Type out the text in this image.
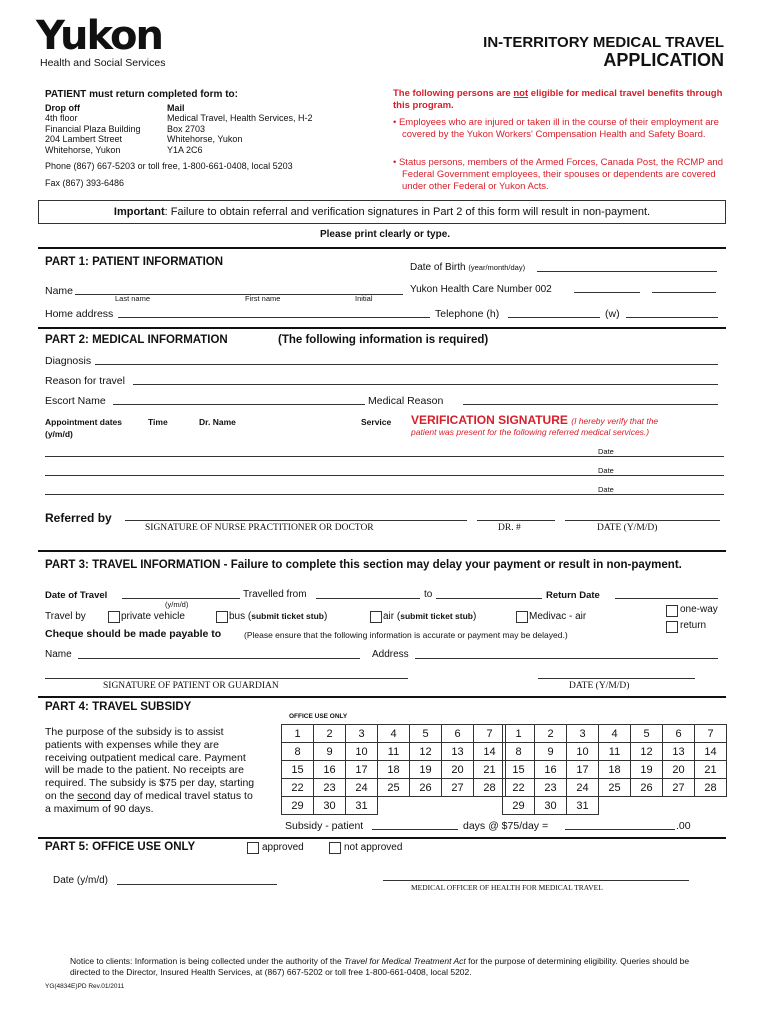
Yukon
Health and Social Services
IN-TERRITORY MEDICAL TRAVEL
APPLICATION
PATIENT must return completed form to:
Drop off
4th floor
Financial Plaza Building
204 Lambert Street
Whitehorse, Yukon
Mail
Medical Travel, Health Services, H-2
Box 2703
Whitehorse, Yukon
Y1A 2C6
Phone (867) 667-5203 or toll free, 1-800-661-0408, local 5203
Fax (867) 393-6486
The following persons are not eligible for medical travel benefits through this program.
• Employees who are injured or taken ill in the course of their employment are covered by the Yukon Workers' Compensation Health and Safety Board.
• Status persons, members of the Armed Forces, Canada Post, the RCMP and Federal Government employees, their spouses or dependents are covered under other Federal or Yukon Acts.
Important: Failure to obtain referral and verification signatures in Part 2 of this form will result in non-payment.
Please print clearly or type.
PART 1: PATIENT INFORMATION	Date of Birth (year/month/day)
Name
Last name	First name	Initial
Yukon Health Care Number 002
Home address	Telephone (h)	(w)
PART 2: MEDICAL INFORMATION	(The following information is required)
Diagnosis
Reason for travel
Escort Name	Medical Reason
Appointment dates
(y/m/d)
Time	Dr. Name	Service VERIFICATION SIGNATURE (I hereby verify that the
patient was present for the following referred medical services.)
Date
Date
Date
Referred by
SIGNATURE OF NURSE PRACTITIONER OR DOCTOR	DR. #	DATE (Y/M/D)
PART 3: TRAVEL INFORMATION - Failure to complete this section may delay your payment or result in non-payment.
Date of Travel
(y/m/d)
Travelled from	to	Return Date
Travel by	private vehicle	bus (submit ticket stub)	air (submit ticket stub)	Medivac - air
one-way
return
Cheque should be made payable to	(Please ensure that the following information is accurate or payment may be delayed.)
Name	Address
SIGNATURE OF PATIENT OR GUARDIAN	DATE (Y/M/D)
PART 4: TRAVEL SUBSIDY
The purpose of the subsidy is to assist patients with expenses while they are receiving outpatient medical care. Payment will be made to the patient. No receipts are required. The subsidy is $75 per day, starting on the second day of medical travel status to a maximum of 90 days.
OFFICE USE ONLY
1	2	3	4	5	6	7
8	9	10	11	12	13	14
15	16	17	18	19	20	21
22	23	24	25	26	27	28
29	30	31				
1	2	3	4	5	6	7
8	9	10	11	12	13	14
15	16	17	18	19	20	21
22	23	24	25	26	27	28
29	30	31				
Subsidy - patient	days @ $75/day =	.00
PART 5: OFFICE USE ONLY	approved	not approved
Date (y/m/d)
MEDICAL OFFICER OF HEALTH FOR MEDICAL TRAVEL
Notice to clients: Information is being collected under the authority of the Travel for Medical Treatment Act for the purpose of determining eligibility. Queries should be directed to the Director, Insured Health Services, at (867) 667-5202 or toll free 1-800-661-0408, local 5202.
YG(4834E)PD Rev.01/2011
